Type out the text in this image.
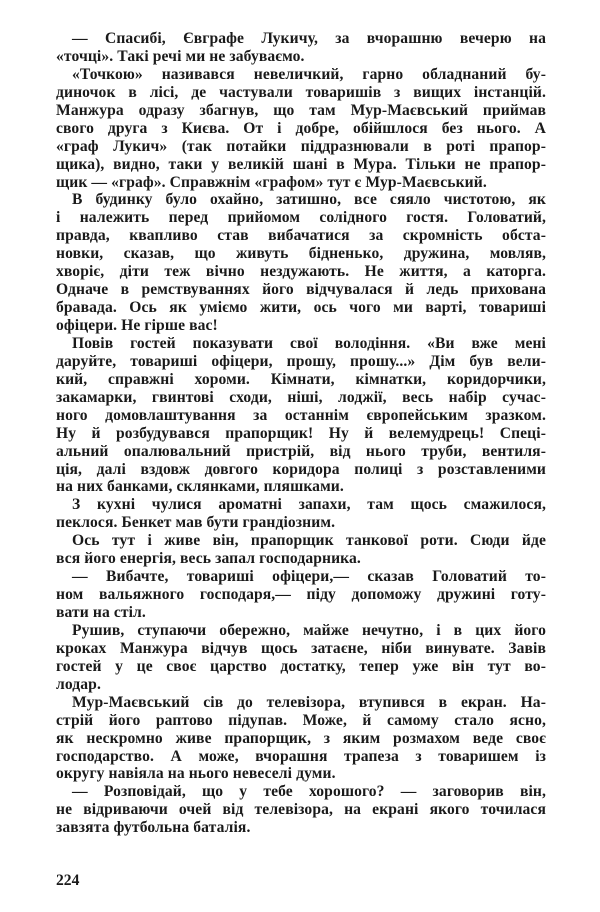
— Спасибі, Євграфе Лукичу, за вчорашню вечерю на
«точці». Такі речі ми не забуваємо.
«Точкою» називався невеличкий, гарно обладнаний бу-
диночок в лісі, де частували товаришів з вищих інстанцій.
Манжура одразу збагнув, що там Мур-Маєвський приймав
свого друга з Києва. От і добре, обійшлося без нього. А
«граф Лукич» (так потайки піддразнювали в роті прапор-
щика), видно, таки у великій шані в Мура. Тільки не прапор-
щик — «граф». Справжнім «графом» тут є Мур-Маєвський.
В будинку було охайно, затишно, все сяяло чистотою, як
і належить перед прийомом солідного гостя. Головатий,
правда, квапливо став вибачатися за скромність обста-
новки, сказав, що живуть бідненько, дружина, мовляв,
хворіє, діти теж вічно нездужають. Не життя, а каторга.
Одначе в ремствуваннях його відчувалася й ледь прихована
бравада. Ось як уміємо жити, ось чого ми варті, товариші
офіцери. Не гірше вас!
Повів гостей показувати свої володіння. «Ви вже мені
даруйте, товариші офіцери, прошу, прошу...» Дім був вели-
кий, справжні хороми. Кімнати, кімнатки, коридорчики,
закамарки, гвинтові сходи, ніші, лоджії, весь набір сучас-
ного домовлаштування за останнім європейським зразком.
Ну й розбудувався прапорщик! Ну й велемудрець! Спеці-
альний опалювальний пристрій, від нього труби, вентиля-
ція, далі вздовж довгого коридора полиці з розставленими
на них банками, склянками, пляшками.
З кухні чулися ароматні запахи, там щось смажилося,
пеклося. Бенкет мав бути грандіозним.
Ось тут і живе він, прапорщик танкової роти. Сюди йде
вся його енергія, весь запал господарника.
— Вибачте, товариші офіцери,— сказав Головатий то-
ном вальяжного господаря,— піду допоможу дружині готу-
вати на стіл.
Рушив, ступаючи обережно, майже нечутно, і в цих його
кроках Манжура відчув щось затаєне, ніби винувате. Завів
гостей у це своє царство достатку, тепер уже він тут во-
лодар.
Мур-Маєвський сів до телевізора, втупився в екран. На-
стрій його раптово підупав. Може, й самому стало ясно,
як нескромно живе прапорщик, з яким розмахом веде своє
господарство. А може, вчорашня трапеза з товаришем із
округу навіяла на нього невеселі думи.
— Розповідай, що у тебе хорошого? — заговорив він,
не відриваючи очей від телевізора, на екрані якого точилася
завзята футбольна баталія.
224
